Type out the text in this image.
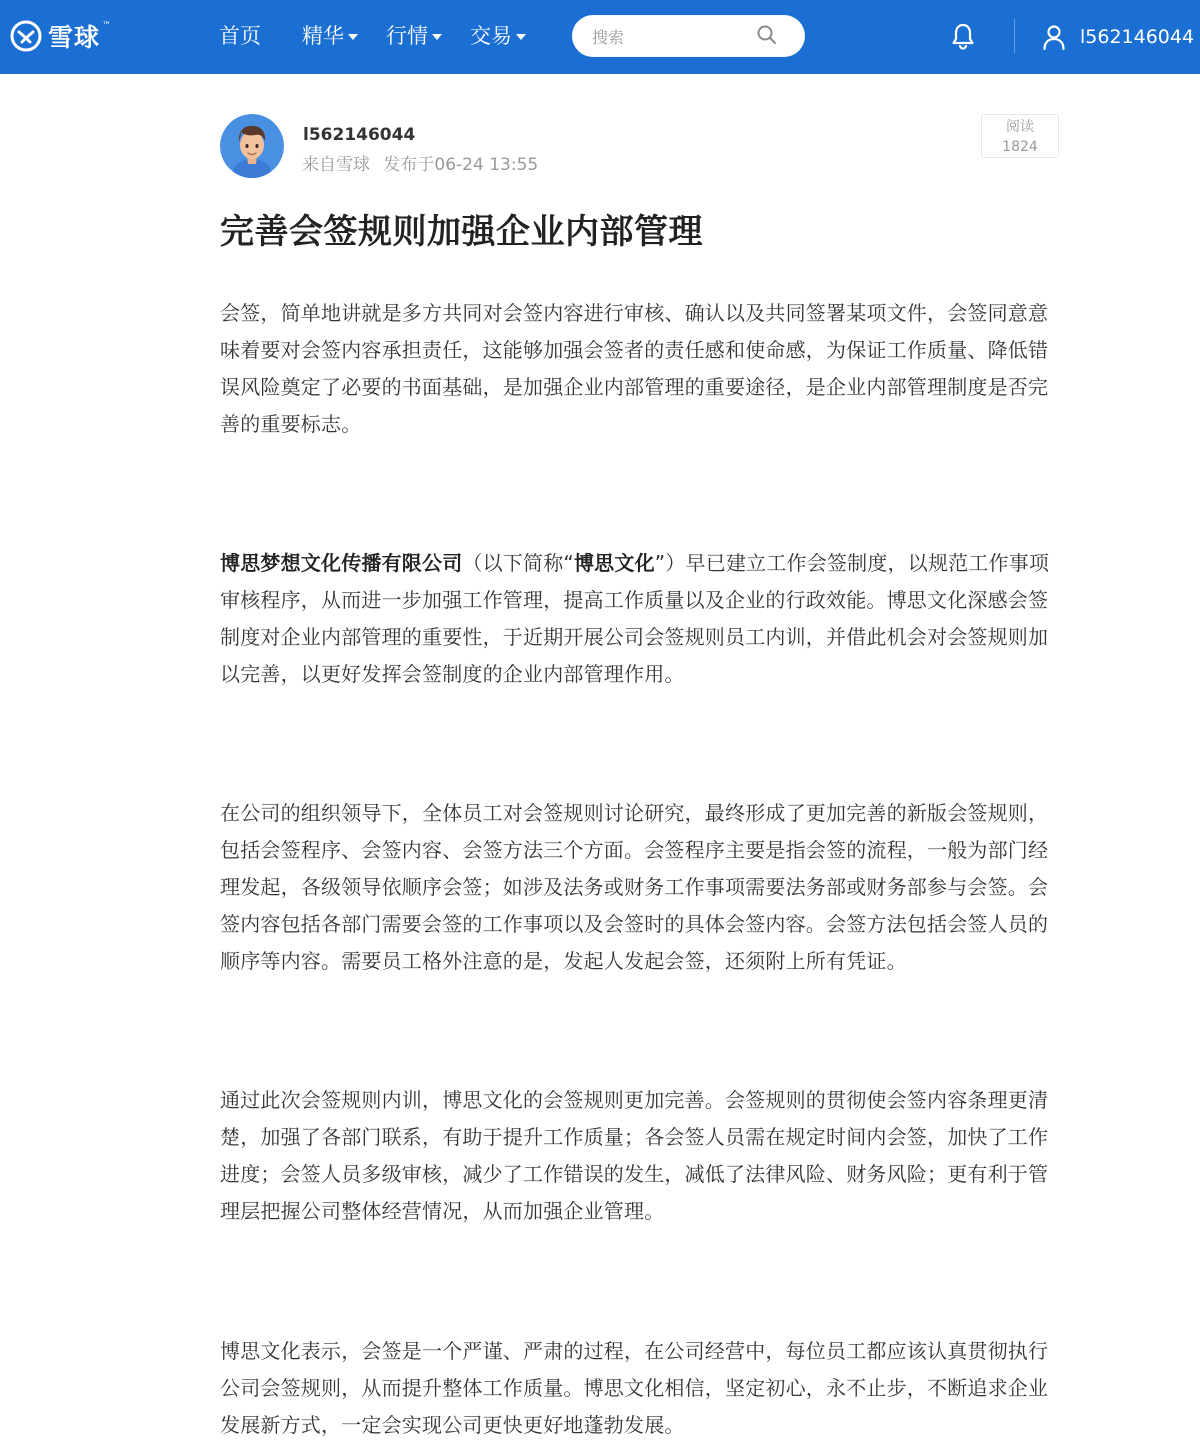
雪球 ™	首页 精华 行情 交易
搜索	l562146044
l562146044
来自雪球 发布于06-24 13:55
阅读
1824
完善会签规则加强企业内部管理

会签，简单地讲就是多方共同对会签内容进行审核、确认以及共同签署某项文件，会签同意意味着要对会签内容承担责任，这能够加强会签者的责任感和使命感，为保证工作质量、降低错误风险奠定了必要的书面基础，是加强企业内部管理的重要途径，是企业内部管理制度是否完善的重要标志。

博思梦想文化传播有限公司（以下简称“博思文化”）早已建立工作会签制度，以规范工作事项审核程序，从而进一步加强工作管理，提高工作质量以及企业的行政效能。博思文化深感会签制度对企业内部管理的重要性，于近期开展公司会签规则员工内训，并借此机会对会签规则加以完善，以更好发挥会签制度的企业内部管理作用。

在公司的组织领导下，全体员工对会签规则讨论研究，最终形成了更加完善的新版会签规则，包括会签程序、会签内容、会签方法三个方面。会签程序主要是指会签的流程，一般为部门经理发起，各级领导依顺序会签；如涉及法务或财务工作事项需要法务部或财务部参与会签。会签内容包括各部门需要会签的工作事项以及会签时的具体会签内容。会签方法包括会签人员的顺序等内容。需要员工格外注意的是，发起人发起会签，还须附上所有凭证。

通过此次会签规则内训，博思文化的会签规则更加完善。会签规则的贯彻使会签内容条理更清楚，加强了各部门联系，有助于提升工作质量；各会签人员需在规定时间内会签，加快了工作进度；会签人员多级审核，减少了工作错误的发生，减低了法律风险、财务风险；更有利于管理层把握公司整体经营情况，从而加强企业管理。

博思文化表示，会签是一个严谨、严肃的过程，在公司经营中，每位员工都应该认真贯彻执行公司会签规则，从而提升整体工作质量。博思文化相信，坚定初心，永不止步，不断追求企业发展新方式，一定会实现公司更快更好地蓬勃发展。
